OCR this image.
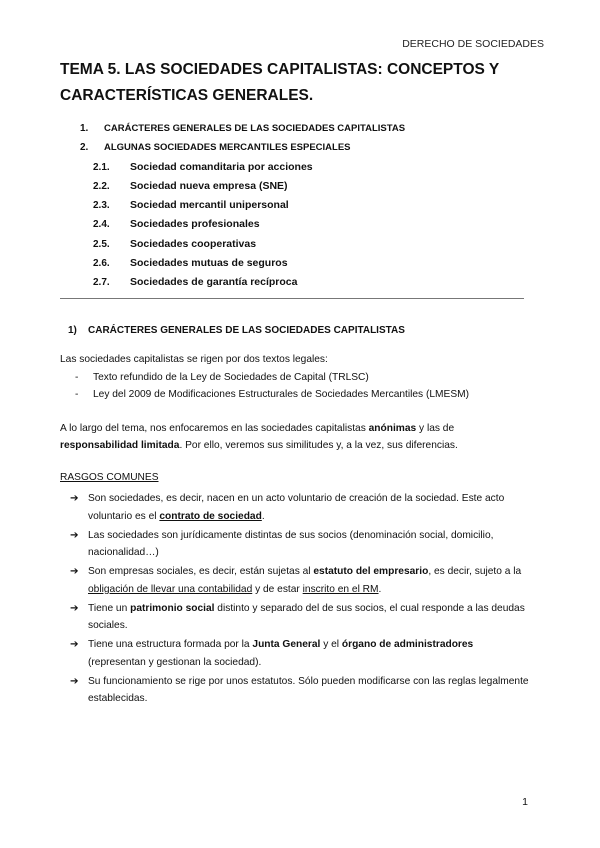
DERECHO DE SOCIEDADES
TEMA 5. LAS SOCIEDADES CAPITALISTAS: CONCEPTOS Y CARACTERÍSTICAS GENERALES.
1. CARÁCTERES GENERALES DE LAS SOCIEDADES CAPITALISTAS
2. ALGUNAS SOCIEDADES MERCANTILES ESPECIALES
2.1. Sociedad comanditaria por acciones
2.2. Sociedad nueva empresa (SNE)
2.3. Sociedad mercantil unipersonal
2.4. Sociedades profesionales
2.5. Sociedades cooperativas
2.6. Sociedades mutuas de seguros
2.7. Sociedades de garantía recíproca
1) CARÁCTERES GENERALES DE LAS SOCIEDADES CAPITALISTAS

Las sociedades capitalistas se rigen por dos textos legales:

- Texto refundido de la Ley de Sociedades de Capital (TRLSC)
- Ley del 2009 de Modificaciones Estructurales de Sociedades Mercantiles (LMESM)

A lo largo del tema, nos enfocaremos en las sociedades capitalistas anónimas y las de responsabilidad limitada. Por ello, veremos sus similitudes y, a la vez, sus diferencias.

RASGOS COMUNES
➔ Son sociedades, es decir, nacen en un acto voluntario de creación de la sociedad. Este acto voluntario es el contrato de sociedad.
➔ Las sociedades son jurídicamente distintas de sus socios (denominación social, domicilio, nacionalidad…)
➔ Son empresas sociales, es decir, están sujetas al estatuto del empresario, es decir, sujeto a la obligación de llevar una contabilidad y de estar inscrito en el RM.
➔ Tiene un patrimonio social distinto y separado del de sus socios, el cual responde a las deudas sociales.
➔ Tiene una estructura formada por la Junta General y el órgano de administradores (representan y gestionan la sociedad).
➔ Su funcionamiento se rige por unos estatutos. Sólo pueden modificarse con las reglas legalmente establecidas.
1
